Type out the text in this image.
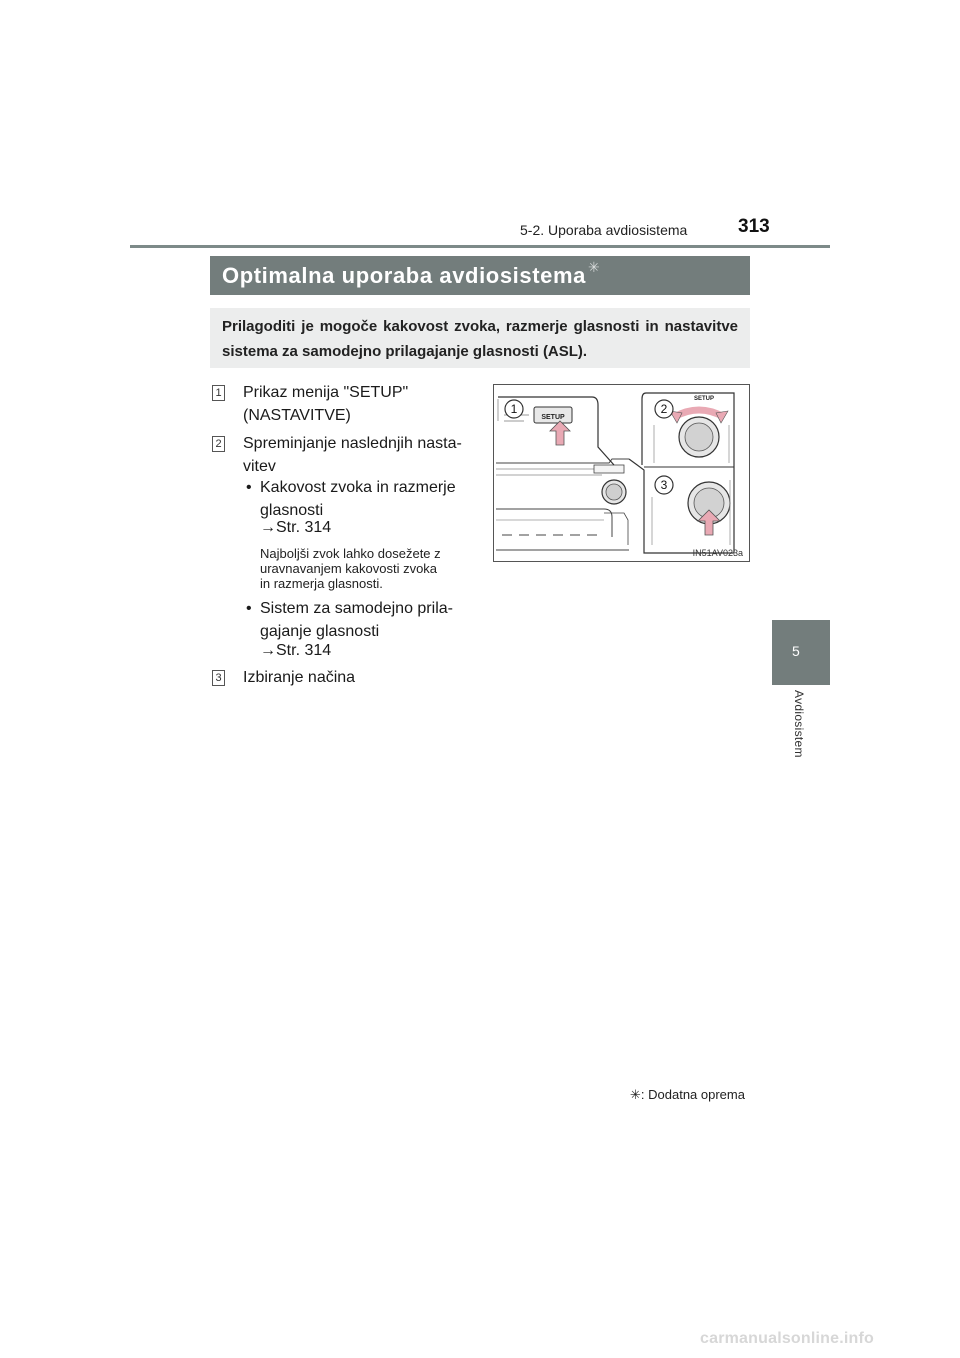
5-2. Uporaba avdiosistema	313
5
Avdiosistem
Optimalna uporaba avdiosistema ✳
Prilagoditi je mogoče kakovost zvoka, razmerje glasnosti in nastavitve sistema za samodejno prilagajanje glasnosti (ASL).
1 Prikaz menija "SETUP"
(NASTAVITVE)
2 Spreminjanje naslednjih nasta-
vitev
• Kakovost zvoka in razmerje
glasnosti
→Str. 314
Najboljši zvok lahko dosežete z
uravnavanjem kakovosti zvoka
in razmerja glasnosti.
• Sistem za samodejno prila-
gajanje glasnosti
→Str. 314
3 Izbiranje načina
SETUP
1
SETUP
2
3
IN51AV023a
✳: Dodatna oprema
carmanualsonline.info
